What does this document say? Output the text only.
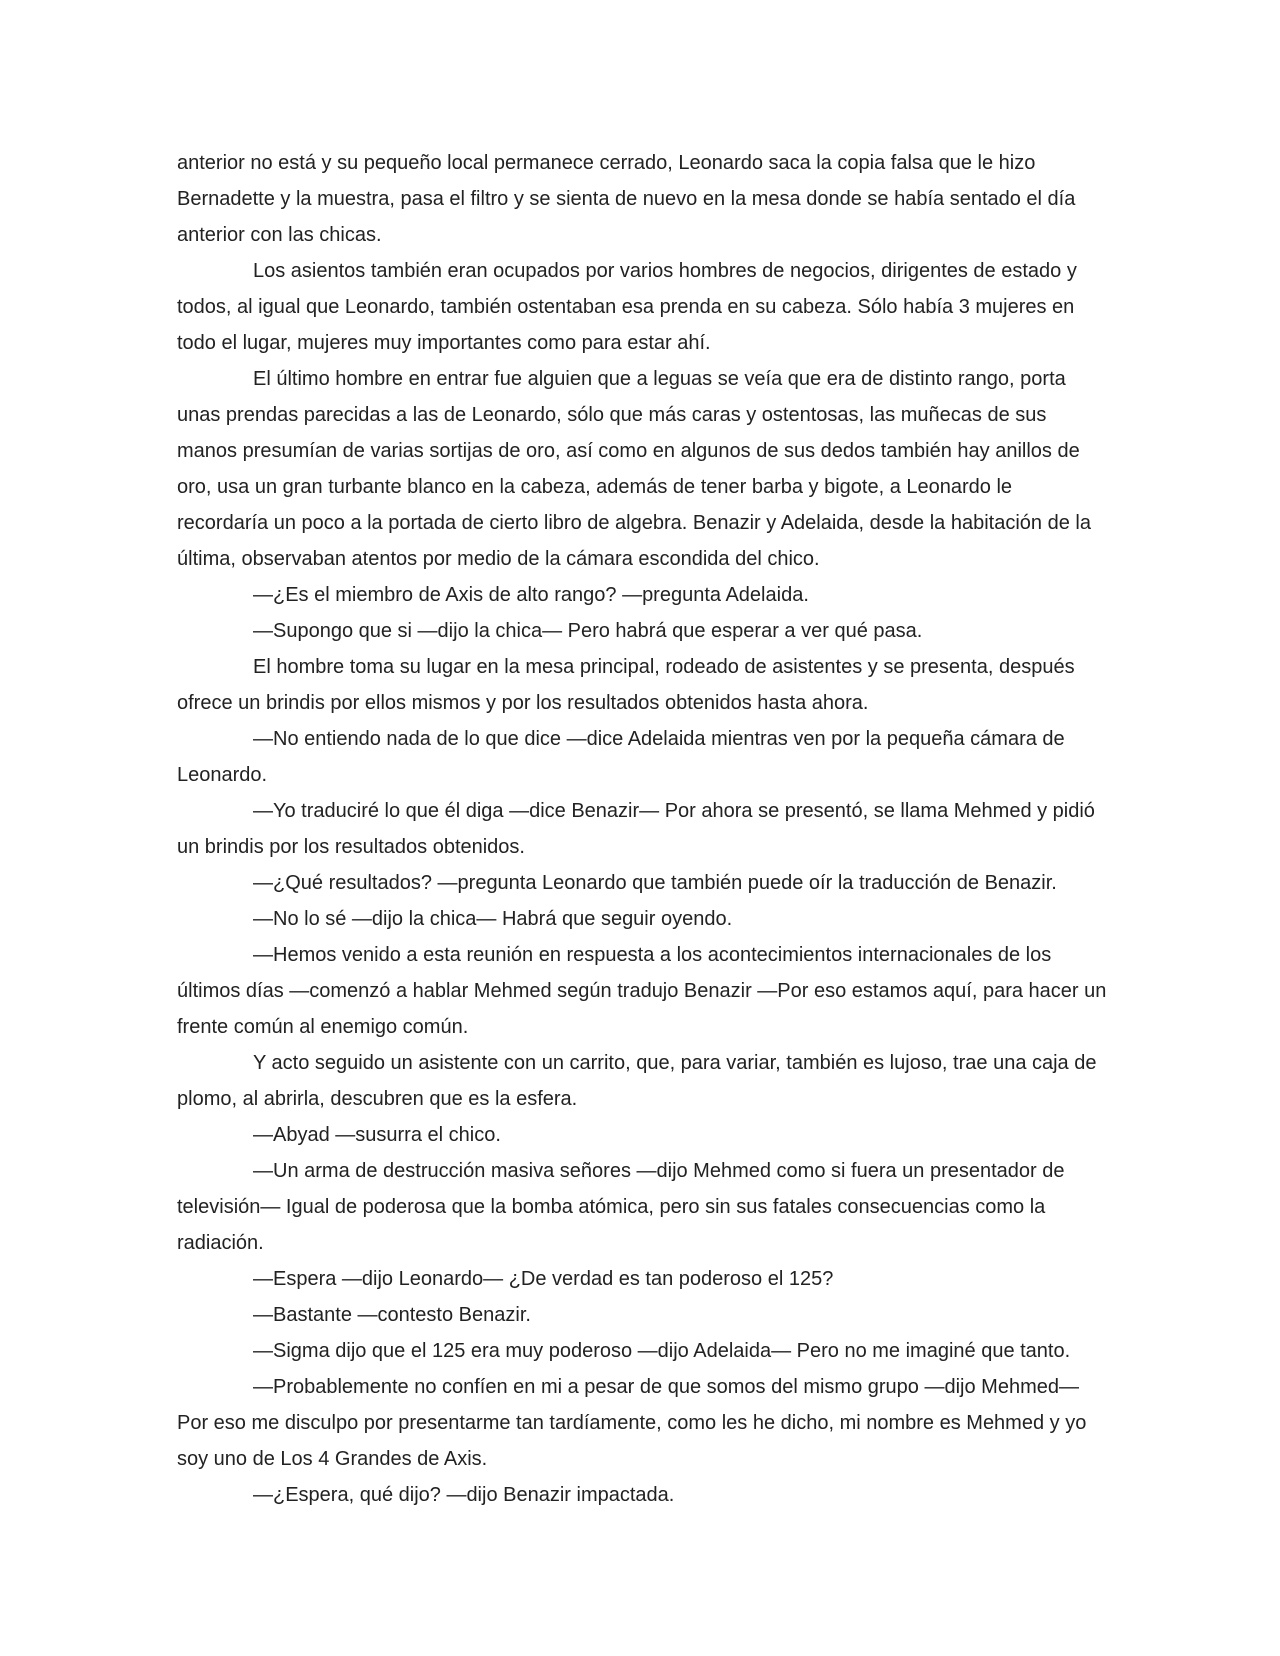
anterior no está y su pequeño local permanece cerrado, Leonardo saca la copia falsa que le hizo Bernadette y la muestra, pasa el filtro y se sienta de nuevo en la mesa donde se había sentado el día anterior con las chicas.

Los asientos también eran ocupados por varios hombres de negocios, dirigentes de estado y todos, al igual que Leonardo, también ostentaban esa prenda en su cabeza. Sólo había 3 mujeres en todo el lugar, mujeres muy importantes como para estar ahí.

El último hombre en entrar fue alguien que a leguas se veía que era de distinto rango, porta unas prendas parecidas a las de Leonardo, sólo que más caras y ostentosas, las muñecas de sus manos presumían de varias sortijas de oro, así como en algunos de sus dedos también hay anillos de oro, usa un gran turbante blanco en la cabeza, además de tener barba y bigote, a Leonardo le recordaría un poco a la portada de cierto libro de algebra. Benazir y Adelaida, desde la habitación de la última, observaban atentos por medio de la cámara escondida del chico.

—¿Es el miembro de Axis de alto rango? —pregunta Adelaida.

—Supongo que si —dijo la chica— Pero habrá que esperar a ver qué pasa.

El hombre toma su lugar en la mesa principal, rodeado de asistentes y se presenta, después ofrece un brindis por ellos mismos y por los resultados obtenidos hasta ahora.

—No entiendo nada de lo que dice —dice Adelaida mientras ven por la pequeña cámara de Leonardo.

—Yo traduciré lo que él diga —dice Benazir— Por ahora se presentó, se llama Mehmed y pidió un brindis por los resultados obtenidos.

—¿Qué resultados? —pregunta Leonardo que también puede oír la traducción de Benazir.

—No lo sé —dijo la chica— Habrá que seguir oyendo.

—Hemos venido a esta reunión en respuesta a los acontecimientos internacionales de los últimos días —comenzó a hablar Mehmed según tradujo Benazir —Por eso estamos aquí, para hacer un frente común al enemigo común.

Y acto seguido un asistente con un carrito, que, para variar, también es lujoso, trae una caja de plomo, al abrirla, descubren que es la esfera.

—Abyad —susurra el chico.

—Un arma de destrucción masiva señores —dijo Mehmed como si fuera un presentador de televisión— Igual de poderosa que la bomba atómica, pero sin sus fatales consecuencias como la radiación.

—Espera —dijo Leonardo— ¿De verdad es tan poderoso el 125?

—Bastante —contesto Benazir.

—Sigma dijo que el 125 era muy poderoso —dijo Adelaida— Pero no me imaginé que tanto.

—Probablemente no confíen en mi a pesar de que somos del mismo grupo —dijo Mehmed— Por eso me disculpo por presentarme tan tardíamente, como les he dicho, mi nombre es Mehmed y yo soy uno de Los 4 Grandes de Axis.

—¿Espera, qué dijo? —dijo Benazir impactada.
